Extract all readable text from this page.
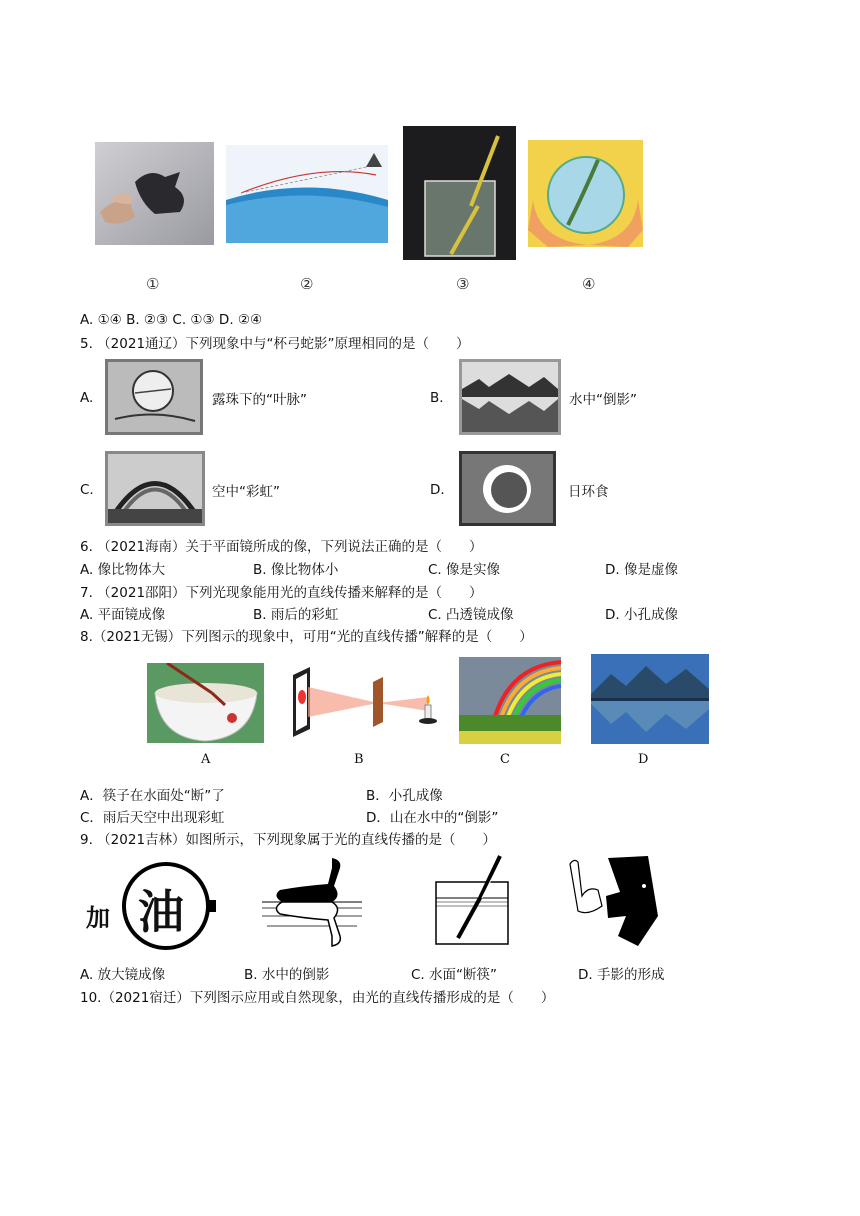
①	②	③	④
A. ①④ B. ②③ C. ①③ D. ②④
5. （2021通辽）下列现象中与“杯弓蛇影”原理相同的是（　　）
A.	露珠下的“叶脉”	B.	水中“倒影”
C.	空中“彩虹”	D.	日环食
6. （2021海南）关于平面镜所成的像，下列说法正确的是（　　）
A. 像比物体大	B. 像比物体小	C. 像是实像	D. 像是虚像
7. （2021邵阳）下列光现象能用光的直线传播来解释的是（　　）
A. 平面镜成像	B. 雨后的彩虹	C. 凸透镜成像	D. 小孔成像
8.（2021无锡）下列图示的现象中，可用“光的直线传播”解释的是（　　）
A	B	C	D
A．筷子在水面处“断”了	B．小孔成像
C．雨后天空中出现彩虹	D．山在水中的“倒影”
9. （2021吉林）如图所示，下列现象属于光的直线传播的是（　　）
加 油
A. 放大镜成像	B. 水中的倒影	C. 水面“断筷”	D. 手影的形成
10.（2021宿迁）下列图示应用或自然现象，由光的直线传播形成的是（　　）
